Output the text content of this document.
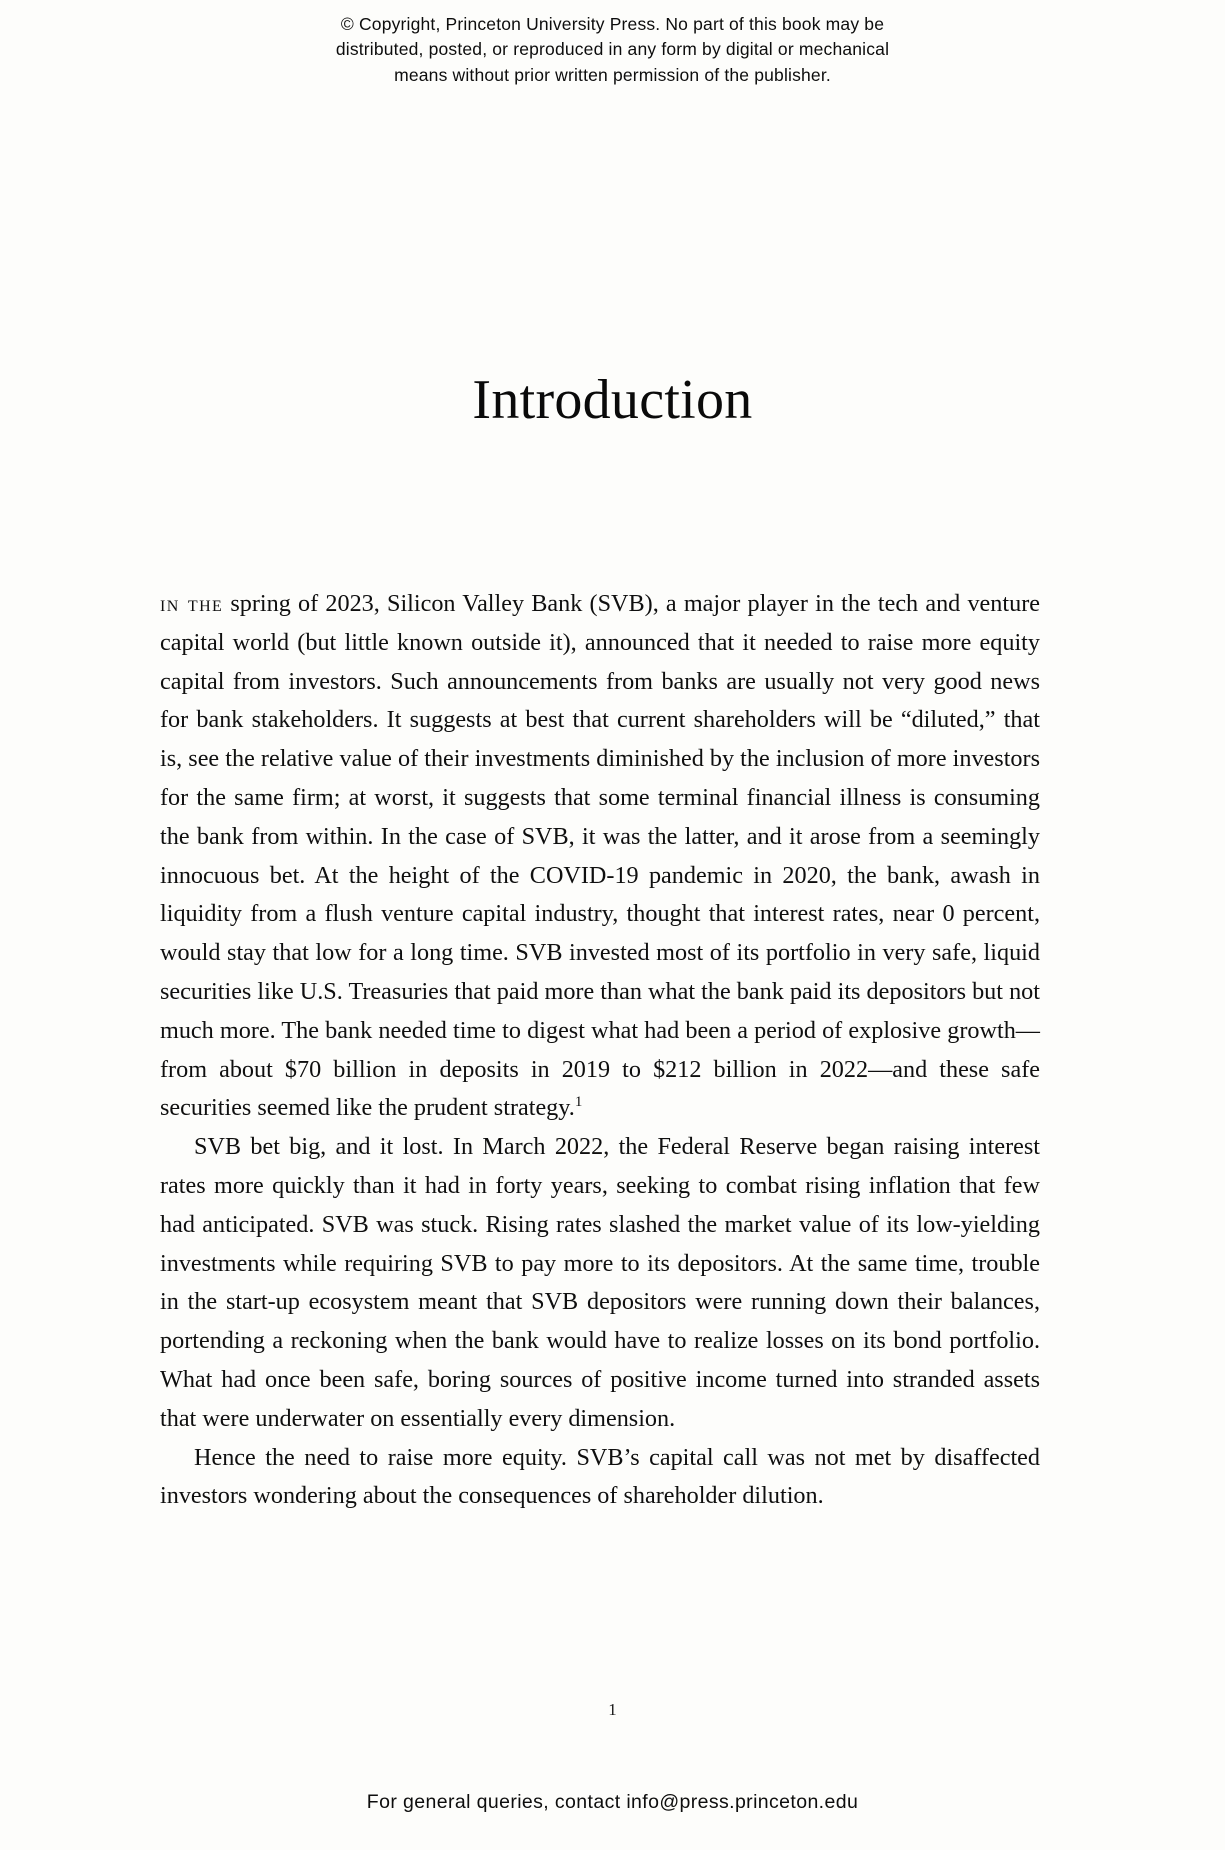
© Copyright, Princeton University Press. No part of this book may be
distributed, posted, or reproduced in any form by digital or mechanical
means without prior written permission of the publisher.
Introduction

in the spring of 2023, Silicon Valley Bank (SVB), a major player in the tech and venture capital world (but little known outside it), announced that it needed to raise more equity capital from investors. Such announcements from banks are usually not very good news for bank stakeholders. It suggests at best that current shareholders will be “diluted,” that is, see the relative value of their investments diminished by the inclusion of more investors for the same firm; at worst, it suggests that some terminal financial illness is consuming the bank from within. In the case of SVB, it was the latter, and it arose from a seemingly innocuous bet. At the height of the COVID-19 pandemic in 2020, the bank, awash in liquidity from a flush venture capital industry, thought that interest rates, near 0 percent, would stay that low for a long time. SVB invested most of its portfolio in very safe, liquid securities like U.S. Treasuries that paid more than what the bank paid its depositors but not much more. The bank needed time to digest what had been a period of explosive growth—from about $70 billion in deposits in 2019 to $212 billion in 2022—and these safe securities seemed like the prudent strategy.$^1$

SVB bet big, and it lost. In March 2022, the Federal Reserve began raising interest rates more quickly than it had in forty years, seeking to combat rising inflation that few had anticipated. SVB was stuck. Rising rates slashed the market value of its low-yielding investments while requiring SVB to pay more to its depositors. At the same time, trouble in the start-up ecosystem meant that SVB depositors were running down their balances, portending a reckoning when the bank would have to realize losses on its bond portfolio. What had once been safe, boring sources of positive income turned into stranded assets that were underwater on essentially every dimension.

Hence the need to raise more equity. SVB’s capital call was not met by disaffected investors wondering about the consequences of shareholder dilution.

1
For general queries, contact info@press.princeton.edu
